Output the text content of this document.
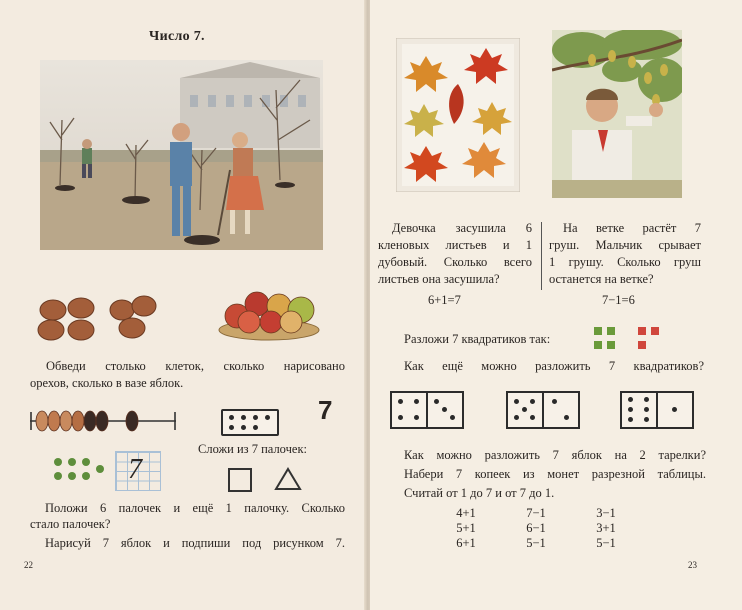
Число 7.
Обведи столько клеток, сколько нарисовано
орехов, сколько в вазе яблок.
7
7
Сложи из 7 палочек:
Положи 6 палочек и ещё 1 палочку. Сколько
стало палочек?
Нарисуй 7 яблок и подпиши под рисунком 7.
22
Девочка засушила 6
кленовых листьев и 1
дубовый. Сколько всего
листьев она засушила?
6+1=7
На ветке растёт 7
груш. Мальчик срывает
1 грушу. Сколько груш
останется на ветке?
7−1=6
Разложи 7 квадратиков так:
Как ещё можно разложить 7 квадратиков?
Как можно разложить 7 яблок на 2 тарелки?
Набери 7 копеек из монет разрезной таблицы.
Считай от 1 до 7 и от 7 до 1.
4+1
5+1
6+1
7−1
6−1
5−1
3−1
3+1
5−1
23
